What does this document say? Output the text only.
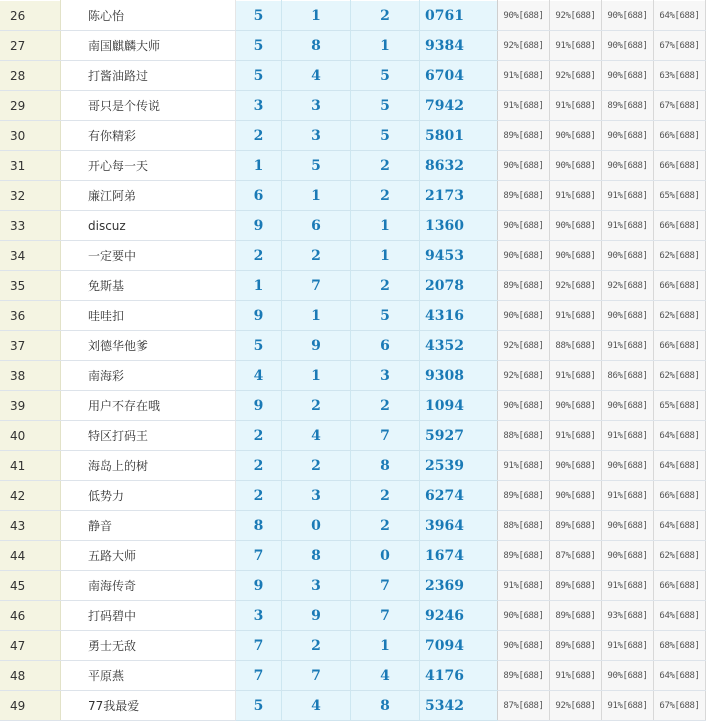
26	陈心怡	5	1	2	0761	90%[688]	92%[688]	90%[688]	64%[688]
27	南国麒麟大师	5	8	1	9384	92%[688]	91%[688]	90%[688]	67%[688]
28	打酱油路过	5	4	5	6704	91%[688]	92%[688]	90%[688]	63%[688]
29	哥只是个传说	3	3	5	7942	91%[688]	91%[688]	89%[688]	67%[688]
30	有你精彩	2	3	5	5801	89%[688]	90%[688]	90%[688]	66%[688]
31	开心每一天	1	5	2	8632	90%[688]	90%[688]	90%[688]	66%[688]
32	廉江阿弟	6	1	2	2173	89%[688]	91%[688]	91%[688]	65%[688]
33	discuz	9	6	1	1360	90%[688]	90%[688]	91%[688]	66%[688]
34	一定要中	2	2	1	9453	90%[688]	90%[688]	90%[688]	62%[688]
35	免斯基	1	7	2	2078	89%[688]	92%[688]	92%[688]	66%[688]
36	哇哇扣	9	1	5	4316	90%[688]	91%[688]	90%[688]	62%[688]
37	刘德华他爹	5	9	6	4352	92%[688]	88%[688]	91%[688]	66%[688]
38	南海彩	4	1	3	9308	92%[688]	91%[688]	86%[688]	62%[688]
39	用户不存在哦	9	2	2	1094	90%[688]	90%[688]	90%[688]	65%[688]
40	特区打码王	2	4	7	5927	88%[688]	91%[688]	91%[688]	64%[688]
41	海岛上的树	2	2	8	2539	91%[688]	90%[688]	90%[688]	64%[688]
42	低势力	2	3	2	6274	89%[688]	90%[688]	91%[688]	66%[688]
43	静音	8	0	2	3964	88%[688]	89%[688]	90%[688]	64%[688]
44	五路大师	7	8	0	1674	89%[688]	87%[688]	90%[688]	62%[688]
45	南海传奇	9	3	7	2369	91%[688]	89%[688]	91%[688]	66%[688]
46	打码碧中	3	9	7	9246	90%[688]	89%[688]	93%[688]	64%[688]
47	勇士无敌	7	2	1	7094	90%[688]	89%[688]	91%[688]	68%[688]
48	平原燕	7	7	4	4176	89%[688]	91%[688]	90%[688]	64%[688]
49	77我最爱	5	4	8	5342	87%[688]	92%[688]	91%[688]	67%[688]
